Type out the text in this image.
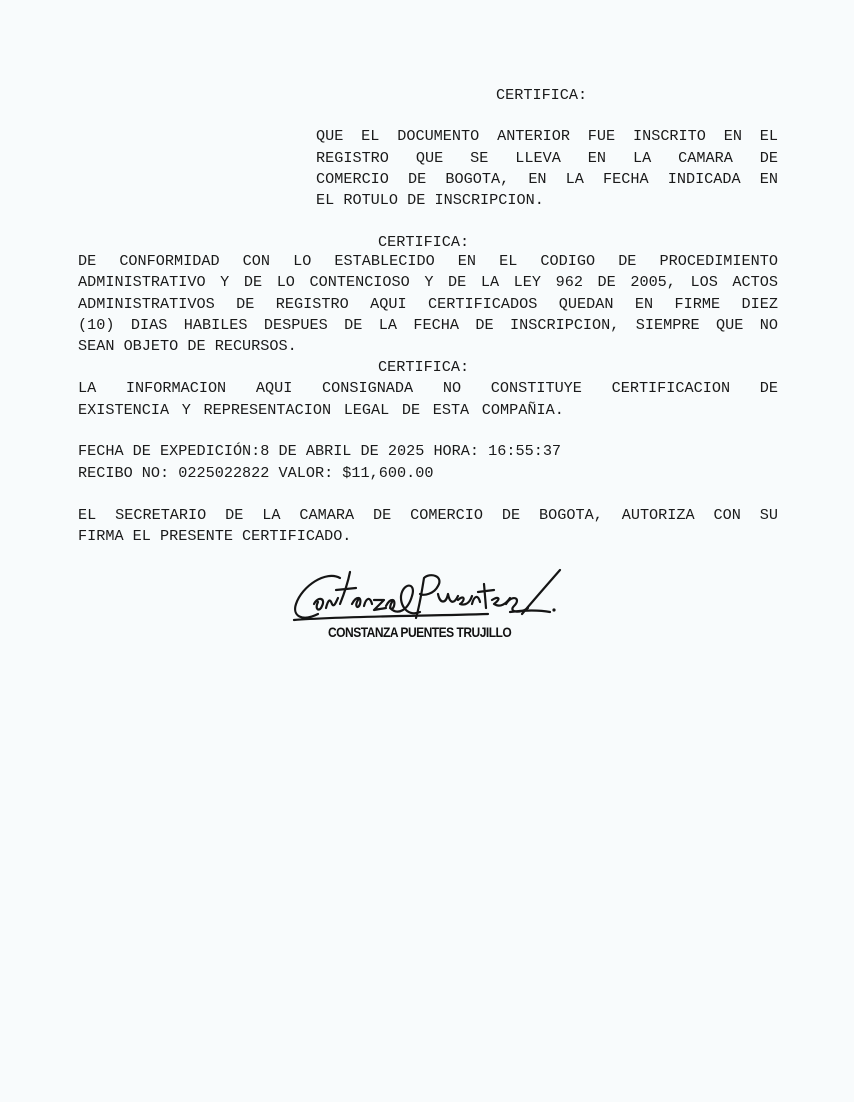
CERTIFICA:
QUE EL DOCUMENTO ANTERIOR FUE INSCRITO EN EL
REGISTRO QUE SE LLEVA EN LA CAMARA DE
COMERCIO DE BOGOTA, EN LA FECHA INDICADA EN
EL ROTULO DE INSCRIPCION.
CERTIFICA:
DE CONFORMIDAD CON LO ESTABLECIDO EN EL CODIGO DE PROCEDIMIENTO
ADMINISTRATIVO Y DE LO CONTENCIOSO Y DE LA LEY 962 DE 2005, LOS ACTOS
ADMINISTRATIVOS DE REGISTRO AQUI CERTIFICADOS QUEDAN EN FIRME DIEZ
(10) DIAS HABILES DESPUES DE LA FECHA DE INSCRIPCION, SIEMPRE QUE NO
SEAN OBJETO DE RECURSOS.
CERTIFICA:
LA INFORMACION AQUI CONSIGNADA NO CONSTITUYE CERTIFICACION DE
EXISTENCIA Y REPRESENTACION LEGAL DE ESTA COMPAÑIA.
FECHA DE EXPEDICIÓN:8 DE ABRIL DE 2025 HORA: 16:55:37
RECIBO NO: 0225022822 VALOR: $11,600.00
EL SECRETARIO DE LA CAMARA DE COMERCIO DE BOGOTA, AUTORIZA CON SU
FIRMA EL PRESENTE CERTIFICADO.
CONSTANZA PUENTES TRUJILLO
